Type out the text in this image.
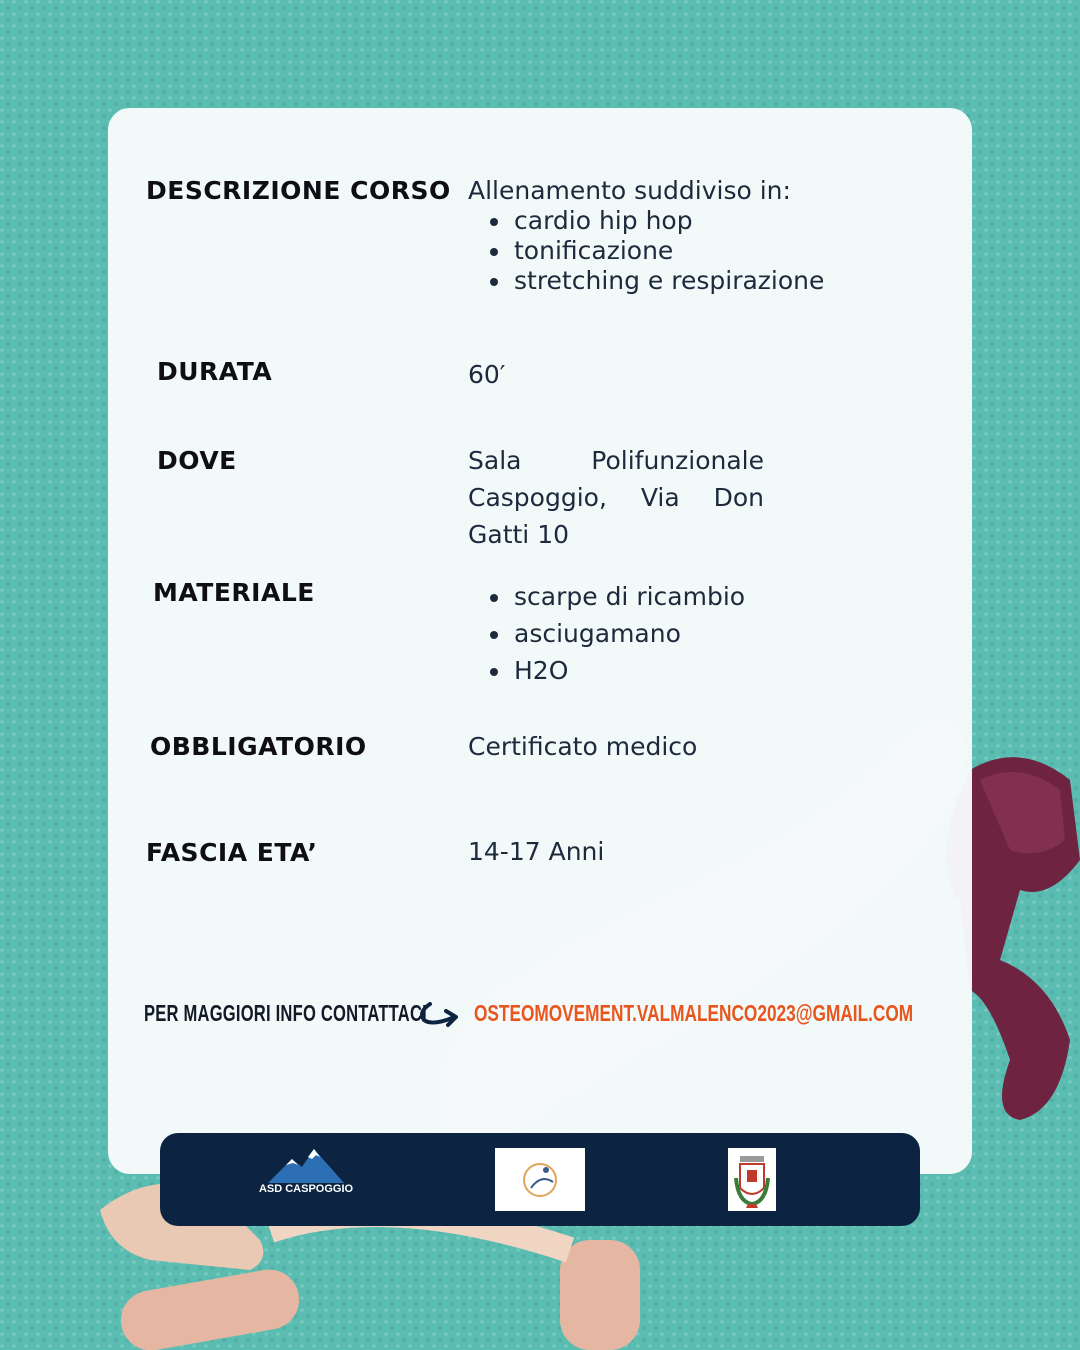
DESCRIZIONE CORSO Allenamento suddiviso in:
cardio hip hop
tonificazione
stretching e respirazione
DURATA	60′
DOVE	Sala Polifunzionale Caspoggio, Via Don Gatti 10
MATERIALE	scarpe di ricambio
asciugamano
H2O
OBBLIGATORIO	Certificato medico
FASCIA ETA’	14-17 Anni
PER MAGGIORI INFO CONTATTACI OSTEOMOVEMENT.VALMALENCO2023@GMAIL.COM
ASD CASPOGGIO
